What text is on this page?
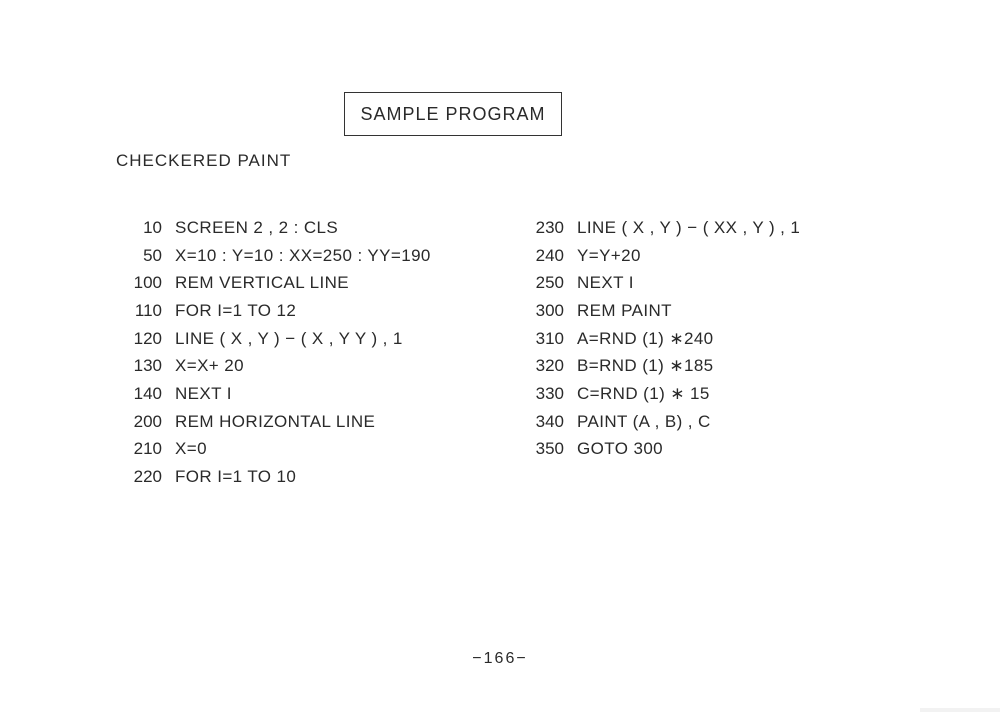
SAMPLE PROGRAM
CHECKERED PAINT
10 SCREEN 2 , 2 : CLS
50 X=10 : Y=10 : XX=250 : YY=190
100 REM VERTICAL LINE
110 FOR I=1 TO 12
120 LINE ( X , Y ) − ( X , Y Y ) , 1
130 X=X+ 20
140 NEXT I
200 REM HORIZONTAL LINE
210 X=0
220 FOR I=1 TO 10
230 LINE ( X , Y ) − ( XX , Y ) , 1
240 Y=Y+20
250 NEXT I
300 REM PAINT
310 A=RND (1) ∗240
320 B=RND (1) ∗185
330 C=RND (1) ∗ 15
340 PAINT (A , B) , C
350 GOTO 300
−166−
